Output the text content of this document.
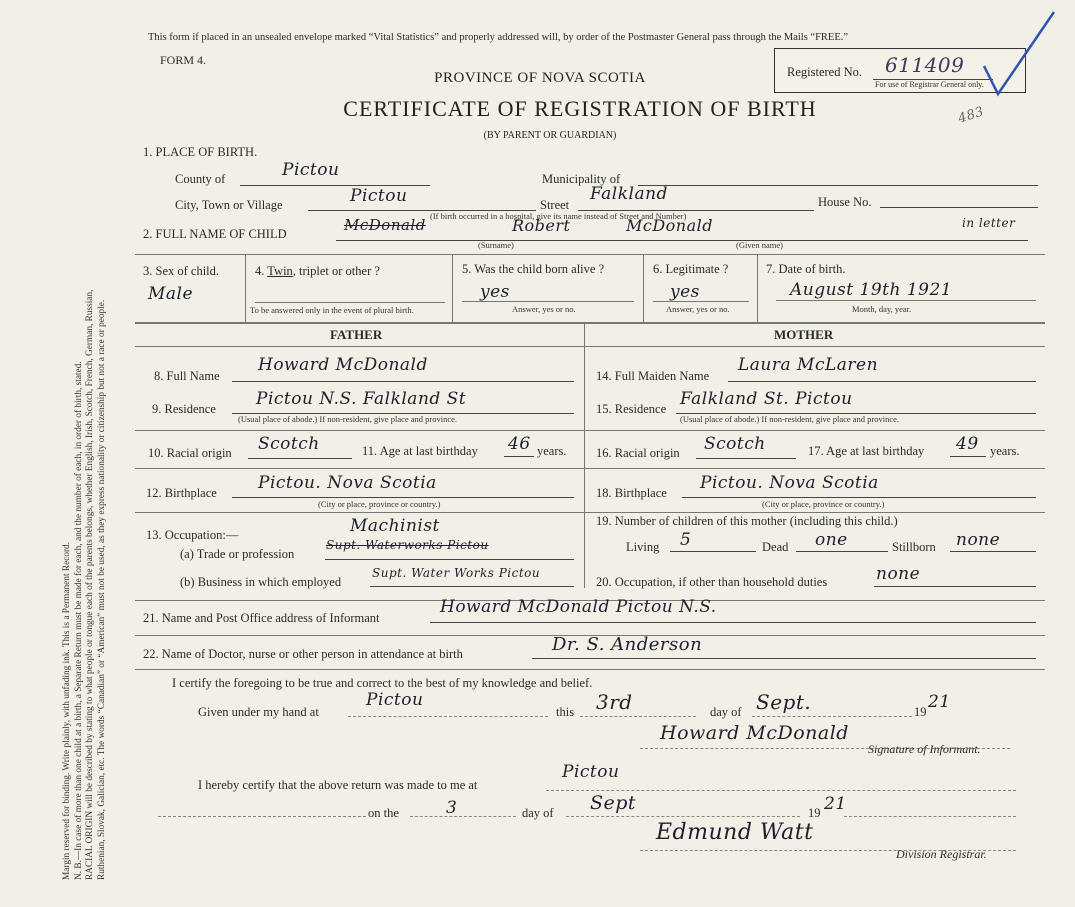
Margin reserved for binding. Write plainly, with unfading ink. This is a Permanent Record. N. B.—In case of more than one child at a birth, a Separate Return must be made for each, and the number of each, in order of birth, stated. RACIAL ORIGIN will be described by stating to what people or tongue each of the parents belongs, whether English, Irish, Scotch, French, German, Russian, Ruthenian, Slovak, Galician, etc. The words “Canadian” or “American” must not be used, as they express nationality or citizenship but not a race or people.
This form if placed in an unsealed envelope marked “Vital Statistics” and properly addressed will, by order of the Postmaster General pass through the Mails “FREE.”
FORM 4.
PROVINCE OF NOVA SCOTIA
CERTIFICATE OF REGISTRATION OF BIRTH
(BY PARENT OR GUARDIAN)
Registered No. 611409
For use of Registrar General only.
483
1. PLACE OF BIRTH.
County of	Pictou	Municipality of
City, Town or Village	Pictou	Street
Falkland	House No.
(If birth occurred in a hospital, give its name instead of Street and Number)
2. FULL NAME OF CHILD	McDonald	Robert	McDonald	in letter
(Surname)	(Given name)
3. Sex of child.
Male
4. Twin, triplet or other ?
To be answered only in the event of plural birth.
5. Was the child born alive ?
yes
Answer, yes or no.
6. Legitimate ?
yes
Answer, yes or no.
7. Date of birth.
August 19th 1921
Month, day, year.
FATHER	MOTHER
8. Full Name
Howard McDonald
9. Residence Pictou N.S. Falkland St
(Usual place of abode.) If non-resident, give place and province.
10. Racial origin Scotch	11. Age at last birthday 46 years.
12. Birthplace Pictou. Nova Scotia
(City or place, province or country.)
13. Occupation:—	Machinist
(a) Trade or profession
Supt. Waterworks Pictou
(b) Business in which employed
Supt. Water Works Pictou
14. Full Maiden Name
Laura McLaren
15. Residence Falkland St. Pictou
(Usual place of abode.) If non-resident, give place and province.
16. Racial origin Scotch	17. Age at last birthday 49 years.
18. Birthplace Pictou. Nova Scotia
(City or place, province or country.)
19. Number of children of this mother (including this child.)
Living 5	Dead one	Stillborn none
20. Occupation, if other than household duties	none
21. Name and Post Office address of Informant
Howard McDonald Pictou N.S.
22. Name of Doctor, nurse or other person in attendance at birth	Dr. S. Anderson
I certify the foregoing to be true and correct to the best of my knowledge and belief.
Given under my hand at
Pictou
this 3rd	day of Sept.	19 21
Howard McDonald
Signature of Informant.
I hereby certify that the above return was made to me at
Pictou
on the	3	day of Sept	19 21
Edmund Watt
Division Registrar.
